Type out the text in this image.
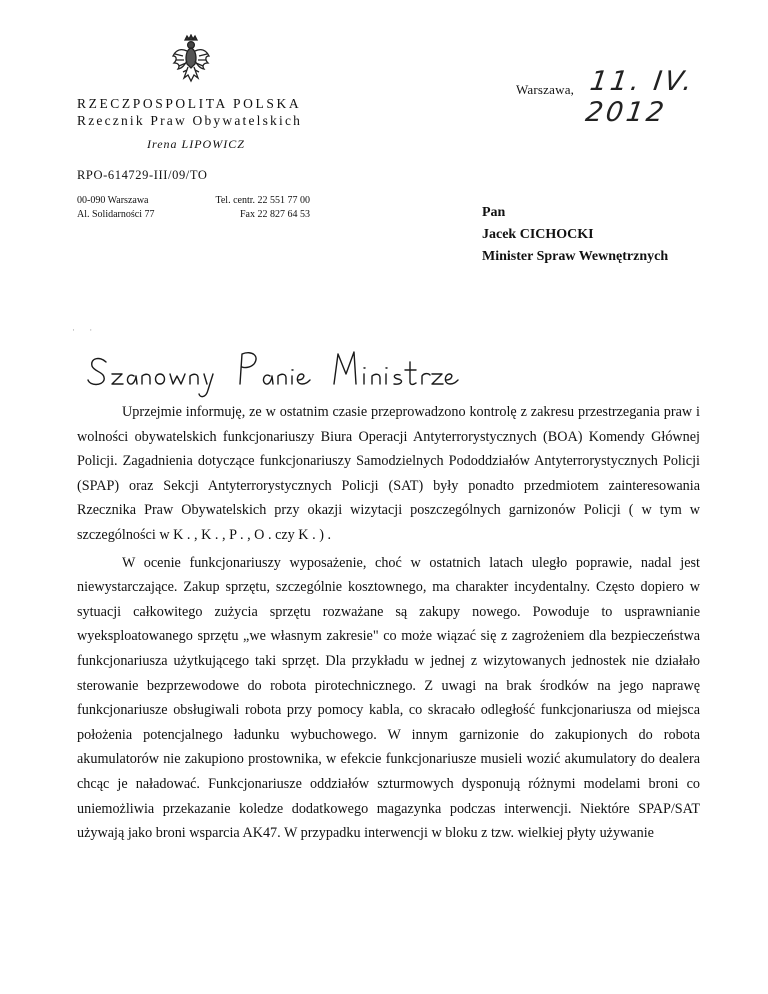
Warszawa, 11. IV. 2012
RZECZPOSPOLITA POLSKA
Rzecznik Praw Obywatelskich
Irena LIPOWICZ
RPO-614729-III/09/TO
00-090 Warszawa
Al. Solidarności 77
Tel. centr. 22 551 77 00
Fax 22 827 64 53	Pan
Jacek CICHOCKI
Minister Spraw Wewnętrznych
· ·

Uprzejmie informuję, ze w ostatnim czasie przeprowadzono kontrolę z zakresu przestrzegania praw i wolności obywatelskich funkcjonariuszy Biura Operacji Antyterrorystycznych (BOA) Komendy Głównej Policji. Zagadnienia dotyczące funkcjonariuszy Samodzielnych Pododdziałów Antyterrorystycznych Policji (SPAP) oraz Sekcji Antyterrorystycznych Policji (SAT) były ponadto przedmiotem zainteresowania Rzecznika Praw Obywatelskich przy okazji wizytacji poszczególnych garnizonów Policji ( w tym w szczególności w K . , K . , P . , O . czy K . ) .

W ocenie funkcjonariuszy wyposażenie, choć w ostatnich latach uległo poprawie, nadal jest niewystarczające. Zakup sprzętu, szczególnie kosztownego, ma charakter incydentalny. Często dopiero w sytuacji całkowitego zużycia sprzętu rozważane są zakupy nowego. Powoduje to usprawnianie wyeksploatowanego sprzętu „we własnym zakresie" co może wiązać się z zagrożeniem dla bezpieczeństwa funkcjonariusza użytkującego taki sprzęt. Dla przykładu w jednej z wizytowanych jednostek nie działało sterowanie bezprzewodowe do robota pirotechnicznego. Z uwagi na brak środków na jego naprawę funkcjonariusze obsługiwali robota przy pomocy kabla, co skracało odległość funkcjonariusza od miejsca położenia potencjalnego ładunku wybuchowego. W innym garnizonie do zakupionych do robota akumulatorów nie zakupiono prostownika, w efekcie funkcjonariusze musieli wozić akumulatory do dealera chcąc je naładować. Funkcjonariusze oddziałów szturmowych dysponują różnymi modelami broni co uniemożliwia przekazanie koledze dodatkowego magazynka podczas interwencji. Niektóre SPAP/SAT używają jako broni wsparcia AK47. W przypadku interwencji w bloku z tzw. wielkiej płyty używanie
